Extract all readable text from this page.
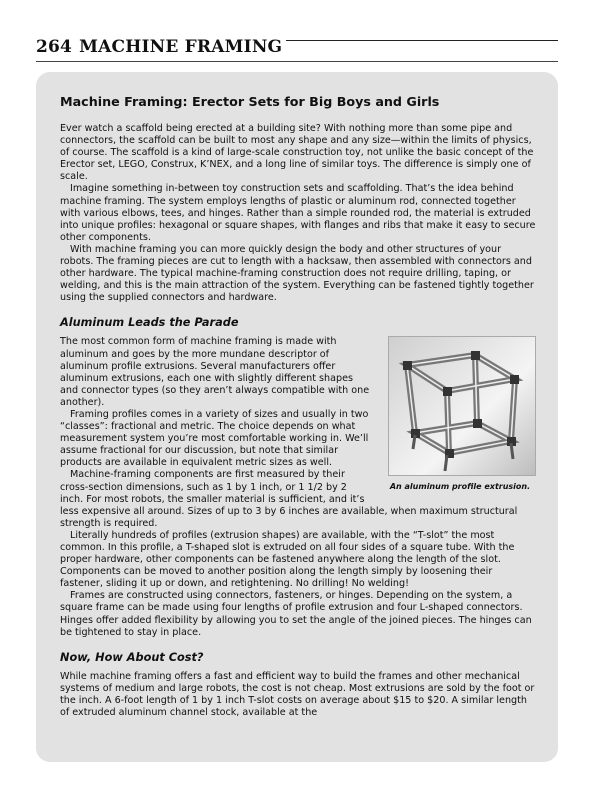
264 MACHINE FRAMING
Machine Framing: Erector Sets for Big Boys and Girls

Ever watch a scaffold being erected at a building site? With nothing more than some pipe and connectors, the scaffold can be built to most any shape and any size—within the limits of physics, of course. The scaffold is a kind of large-scale construction toy, not unlike the basic concept of the Erector set, LEGO, Construx, K’NEX, and a long line of similar toys. The difference is simply one of scale.

Imagine something in-between toy construction sets and scaffolding. That’s the idea behind machine framing. The system employs lengths of plastic or aluminum rod, connected together with various elbows, tees, and hinges. Rather than a simple rounded rod, the material is extruded into unique profiles: hexagonal or square shapes, with flanges and ribs that make it easy to secure other components.

With machine framing you can more quickly design the body and other structures of your robots. The framing pieces are cut to length with a hacksaw, then assembled with connectors and other hardware. The typical machine-framing construction does not require drilling, taping, or welding, and this is the main attraction of the system. Everything can be fastened tightly together using the supplied connectors and hardware.

Aluminum Leads the Parade
An aluminum profile extrusion.

The most common form of machine framing is made with aluminum and goes by the more mundane descriptor of aluminum profile extrusions. Several manufacturers offer aluminum extrusions, each one with slightly different shapes and connector types (so they aren’t always compatible with one another).

Framing profiles comes in a variety of sizes and usually in two “classes”: fractional and metric. The choice depends on what measurement system you’re most comfortable working in. We’ll assume fractional for our discussion, but note that similar products are available in equivalent metric sizes as well.

Machine-framing components are first measured by their cross-section dimensions, such as 1 by 1 inch, or 1 1/2 by 2 inch. For most robots, the smaller material is sufficient, and it’s less expensive all around. Sizes of up to 3 by 6 inches are available, when maximum structural strength is required.

Literally hundreds of profiles (extrusion shapes) are available, with the “T-slot” the most common. In this profile, a T-shaped slot is extruded on all four sides of a square tube. With the proper hardware, other components can be fastened anywhere along the length of the slot. Components can be moved to another position along the length simply by loosening their fastener, sliding it up or down, and retightening. No drilling! No welding!

Frames are constructed using connectors, fasteners, or hinges. Depending on the system, a square frame can be made using four lengths of profile extrusion and four L-shaped connectors. Hinges offer added flexibility by allowing you to set the angle of the joined pieces. The hinges can be tightened to stay in place.

Now, How About Cost?

While machine framing offers a fast and efficient way to build the frames and other mechanical systems of medium and large robots, the cost is not cheap. Most extrusions are sold by the foot or the inch. A 6-foot length of 1 by 1 inch T-slot costs on average about $15 to $20. A similar length of extruded aluminum channel stock, available at the
